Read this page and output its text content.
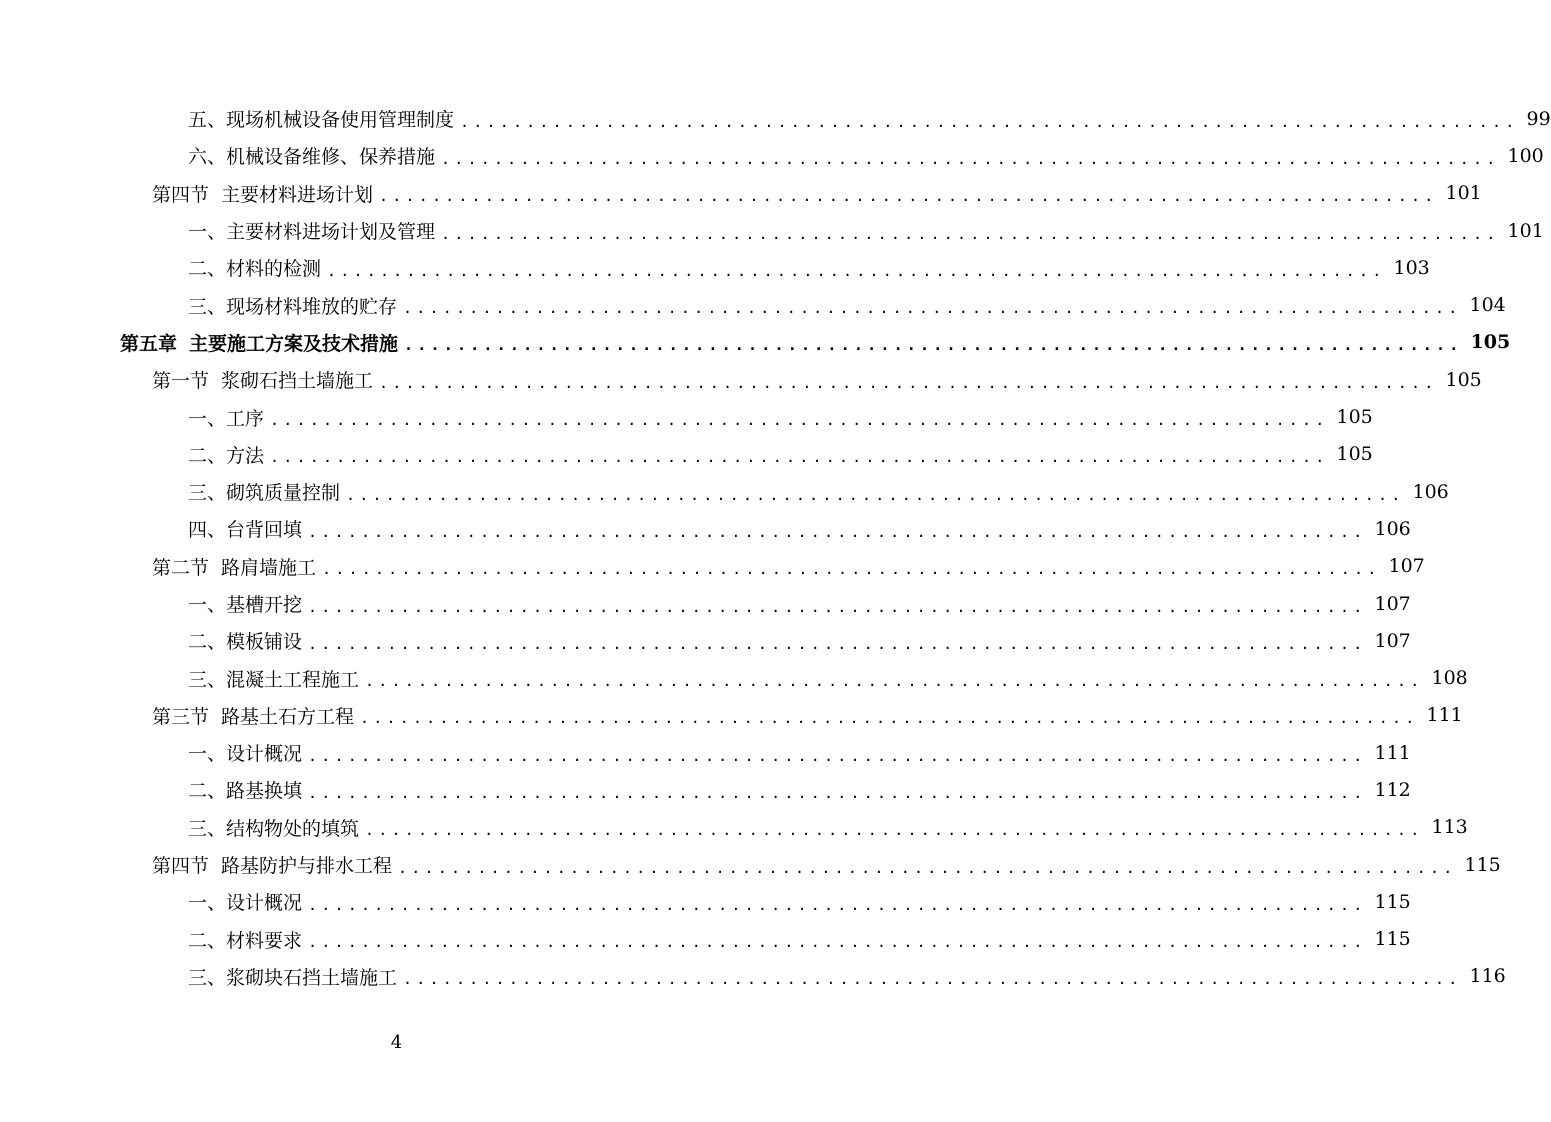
五、现场机械设备使用管理制度 ................................................................................ 99
六、机械设备维修、保养措施 ................................................................................ 100
第四节 主要材料进场计划 ................................................................................ 101
一、主要材料进场计划及管理 ................................................................................ 101
二、材料的检测 ................................................................................ 103
三、现场材料堆放的贮存 ................................................................................ 104
第五章 主要施工方案及技术措施 ................................................................................ 105
第一节 浆砌石挡土墙施工 ................................................................................ 105
一、工序 ................................................................................ 105
二、方法 ................................................................................ 105
三、砌筑质量控制 ................................................................................ 106
四、台背回填 ................................................................................ 106
第二节 路肩墙施工 ................................................................................ 107
一、基槽开挖 ................................................................................ 107
二、模板铺设 ................................................................................ 107
三、混凝土工程施工 ................................................................................ 108
第三节 路基土石方工程 ................................................................................ 111
一、设计概况 ................................................................................ 111
二、路基换填 ................................................................................ 112
三、结构物处的填筑 ................................................................................ 113
第四节 路基防护与排水工程 ................................................................................ 115
一、设计概况 ................................................................................ 115
二、材料要求 ................................................................................ 115
三、浆砌块石挡土墙施工 ................................................................................ 116
4
